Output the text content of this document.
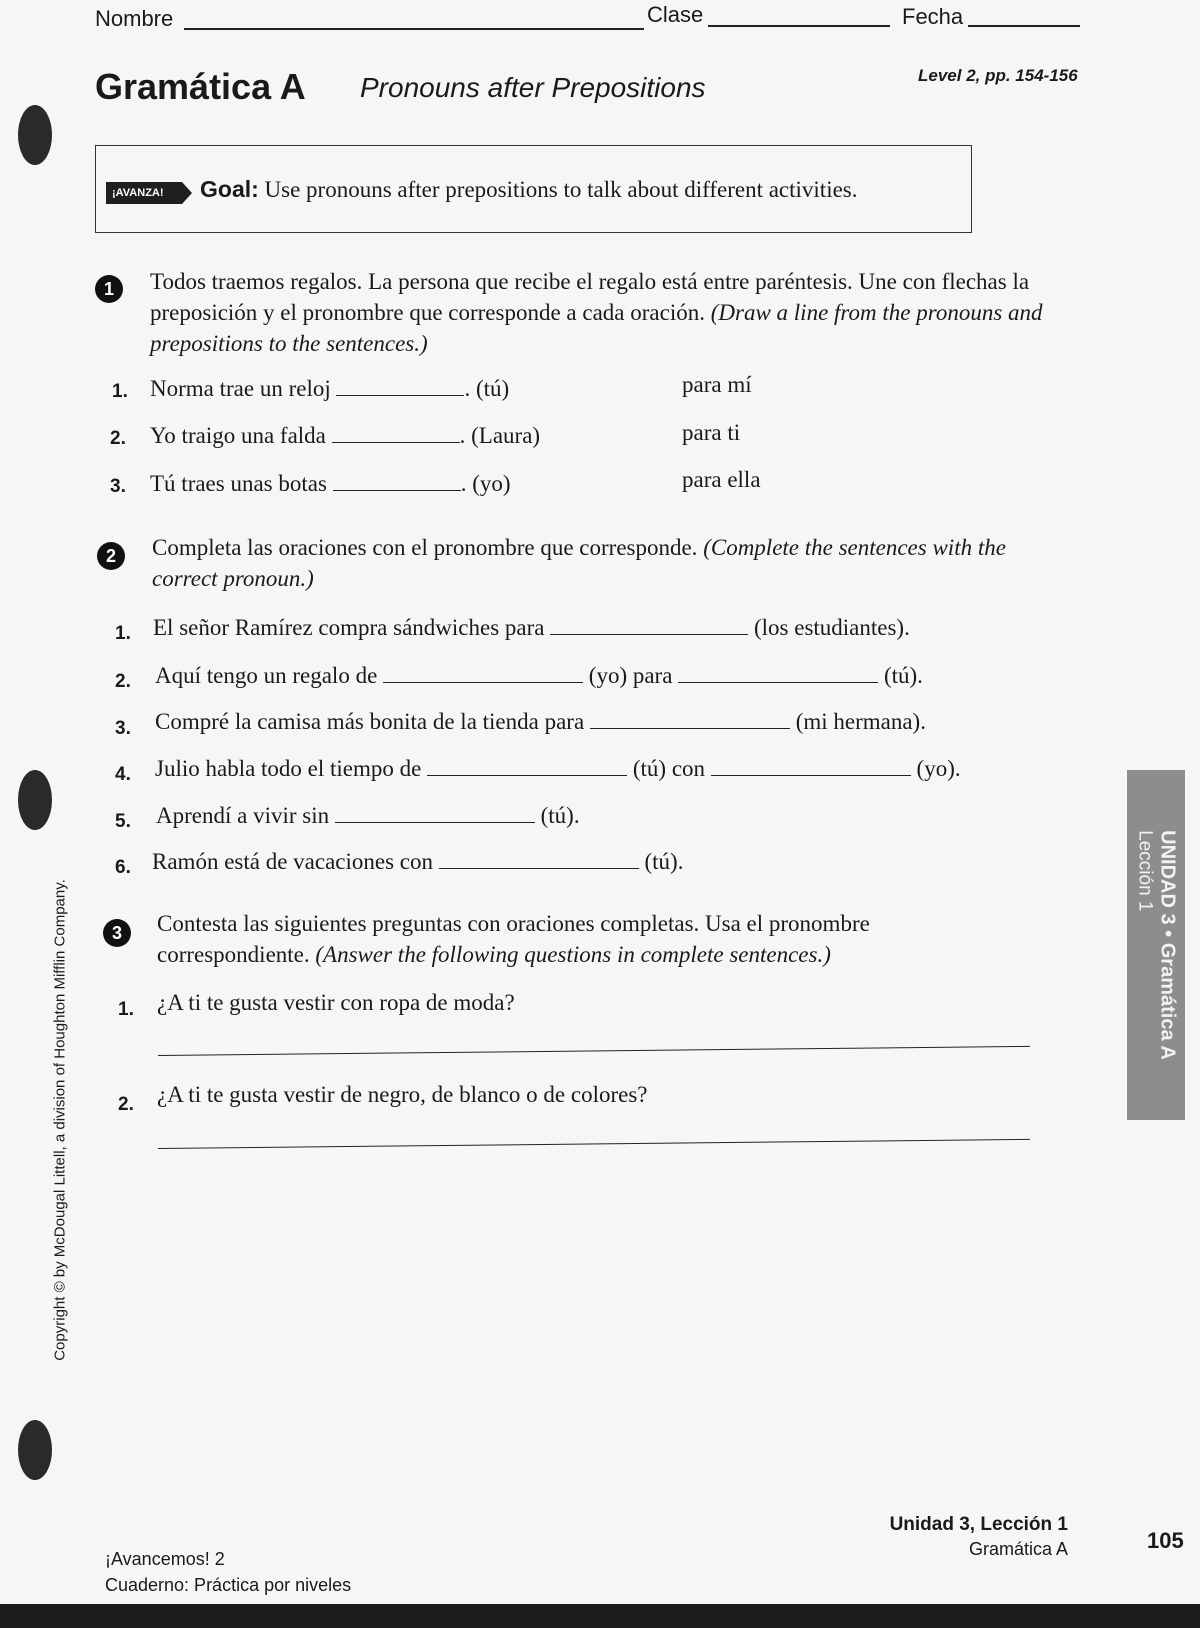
Nombre	Clase	Fecha
Gramática A Pronouns after Prepositions	Level 2, pp. 154-156
¡AVANZA!	Goal: Use pronouns after prepositions to talk about different activities.
1	Todos traemos regalos. La persona que recibe el regalo está entre paréntesis. Une con flechas la preposición y el pronombre que corresponde a cada oración. (Draw a line from the pronouns and prepositions to the sentences.)
1. Norma trae un reloj	. (tú)	para mí
2. Yo traigo una falda	. (Laura)	para ti
3. Tú traes unas botas	. (yo)	para ella
2	Completa las oraciones con el pronombre que corresponde. (Complete the sentences with the correct pronoun.)
1. El señor Ramírez compra sándwiches para	(los estudiantes).
2. Aquí tengo un regalo de	(yo) para	(tú).
3. Compré la camisa más bonita de la tienda para	(mi hermana).
4. Julio habla todo el tiempo de	(tú) con	(yo).
5. Aprendí a vivir sin	(tú).
6. Ramón está de vacaciones con	(tú).
3	Contesta las siguientes preguntas con oraciones completas. Usa el pronombre correspondiente. (Answer the following questions in complete sentences.)
1. ¿A ti te gusta vestir con ropa de moda?
2. ¿A ti te gusta vestir de negro, de blanco o de colores?
UNIDAD 3 • Gramática A
Lección 1
Copyright © by McDougal Littell, a division of Houghton Mifflin Company.
¡Avancemos! 2
Cuaderno: Práctica por niveles
Unidad 3, Lección 1
Gramática A	105
